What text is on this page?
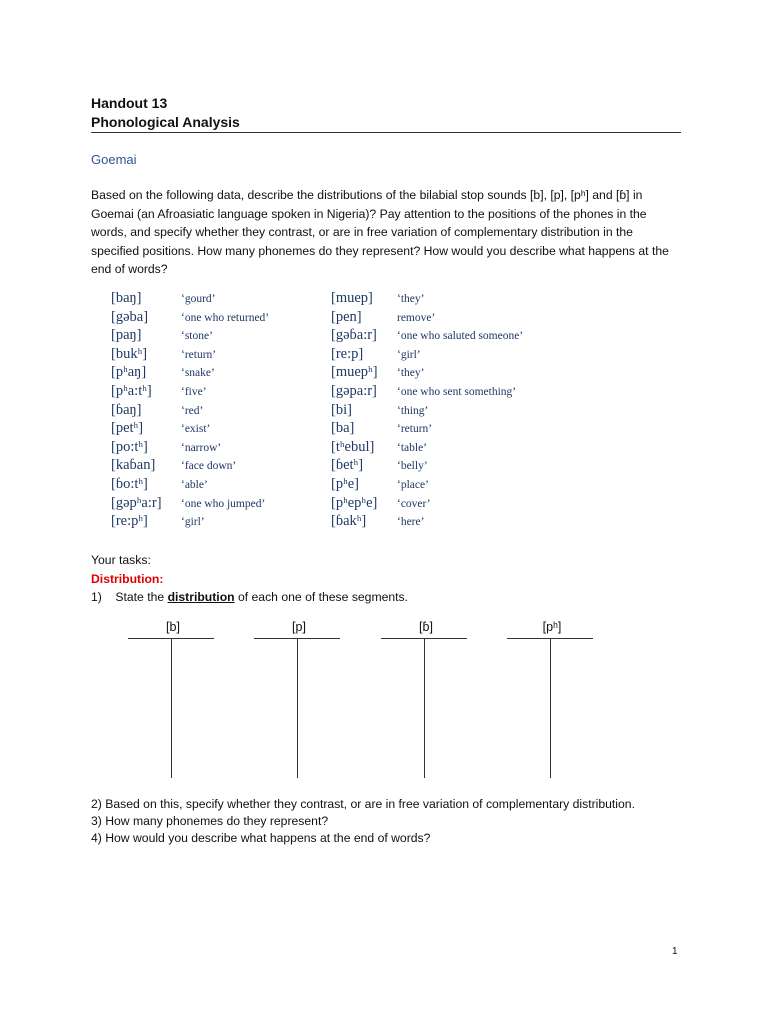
Handout 13
Phonological Analysis
Goemai
Based on the following data, describe the distributions of the bilabial stop sounds [b], [p], [pʰ] and [ɓ] in Goemai (an Afroasiatic language spoken in Nigeria)? Pay attention to the positions of the phones in the words, and specify whether they contrast, or are in free variation of complementary distribution in the specified positions. How many phonemes do they represent? How would you describe what happens at the end of words?
[baŋ]	‘gourd’
[gəba]	‘one who returned’
[paŋ]	‘stone’
[bukʰ]	‘return’
[pʰaŋ]	‘snake’
[pʰa:tʰ]	‘five’
[ɓaŋ]	‘red’
[petʰ]	‘exist’
[po:tʰ]	‘narrow’
[kaɓan]	‘face down’
[ɓo:tʰ]	‘able’
[gəpʰa:r]	‘one who jumped’
[re:pʰ]	‘girl’
[muep]	‘they’
[pen]	remove’
[gəɓa:r]	‘one who saluted someone’
[re:p]	‘girl’
[muepʰ]	‘they’
[gəpa:r]	‘one who sent something’
[bi]	‘thing’
[ba]	‘return’
[tʰebul]	‘table’
[ɓetʰ]	‘belly’
[pʰe]	‘place’
[pʰepʰe]	‘cover’
[ɓakʰ]	‘here’
Your tasks:
Distribution:
1)    State the distribution of each one of these segments.
[b]	[p]	[ɓ]	[pʰ]
2) Based on this, specify whether they contrast, or are in free variation of complementary distribution.
3) How many phonemes do they represent?
4) How would you describe what happens at the end of words?
1
